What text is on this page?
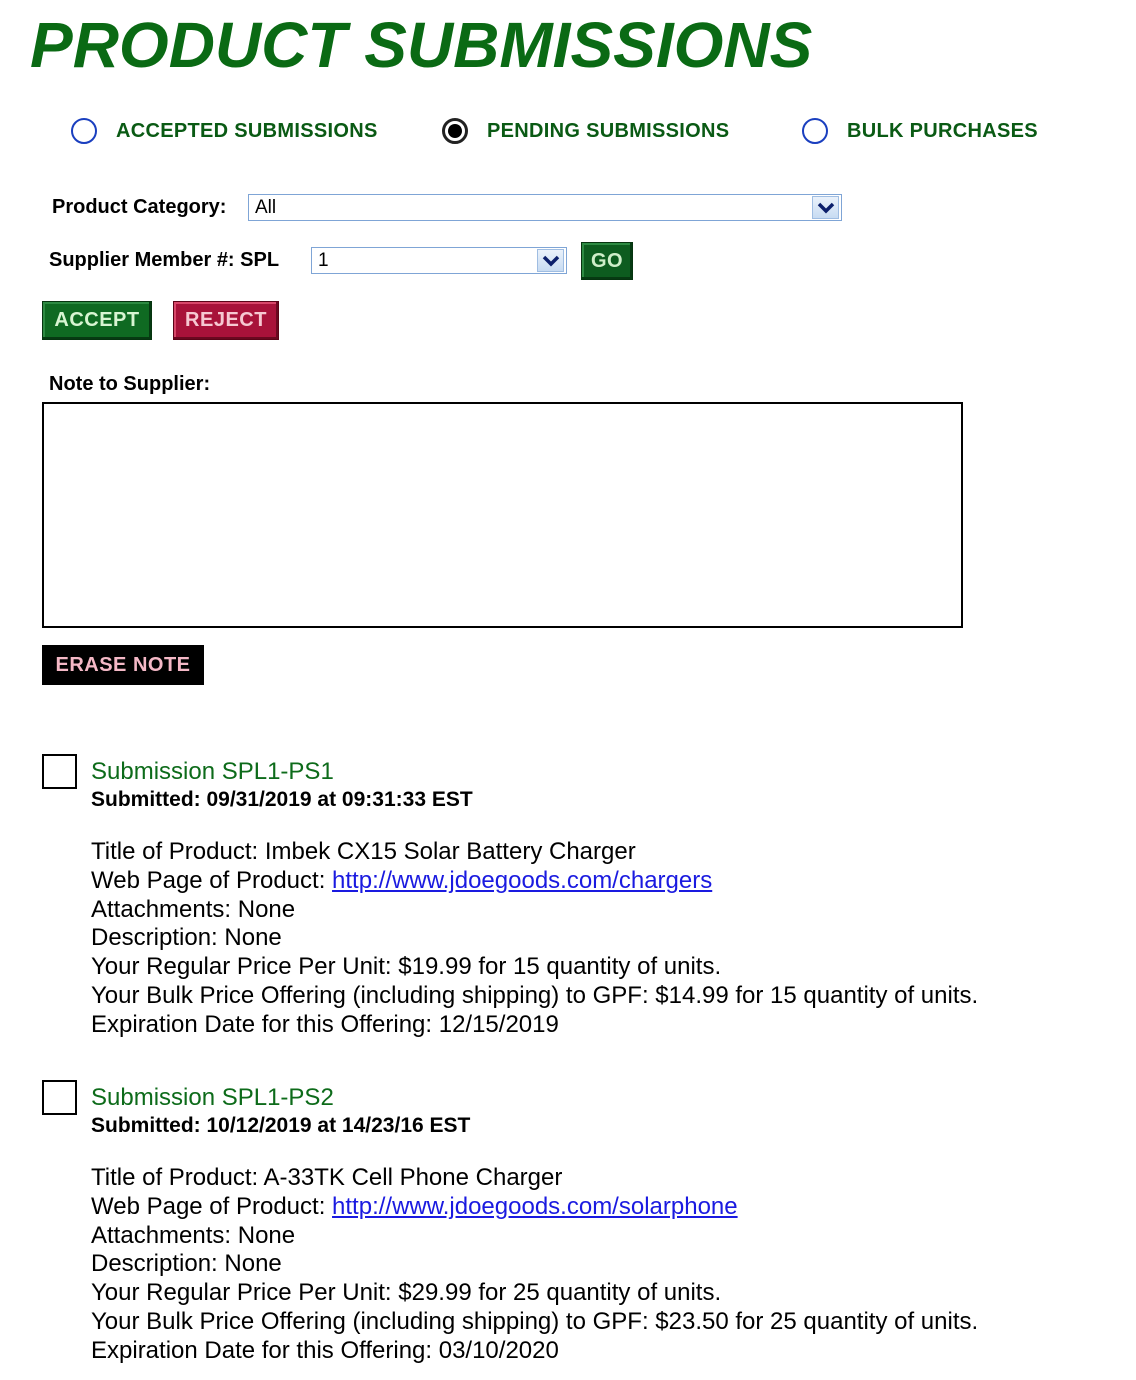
PRODUCT SUBMISSIONS
ACCEPTED SUBMISSIONS	PENDING SUBMISSIONS	BULK PURCHASES
Product Category:	All
Supplier Member #: SPL	1	GO
ACCEPT	REJECT
Note to Supplier:
ERASE NOTE
Submission SPL1-PS1
Submitted: 09/31/2019 at 09:31:33 EST
Title of Product: Imbek CX15 Solar Battery Charger
Web Page of Product: http://www.jdoegoods.com/chargers
Attachments: None
Description: None
Your Regular Price Per Unit: $19.99 for 15 quantity of units.
Your Bulk Price Offering (including shipping) to GPF: $14.99 for 15 quantity of units.
Expiration Date for this Offering: 12/15/2019
Submission SPL1-PS2
Submitted: 10/12/2019 at 14/23/16 EST
Title of Product: A-33TK Cell Phone Charger
Web Page of Product: http://www.jdoegoods.com/solarphone
Attachments: None
Description: None
Your Regular Price Per Unit: $29.99 for 25 quantity of units.
Your Bulk Price Offering (including shipping) to GPF: $23.50 for 25 quantity of units.
Expiration Date for this Offering: 03/10/2020
